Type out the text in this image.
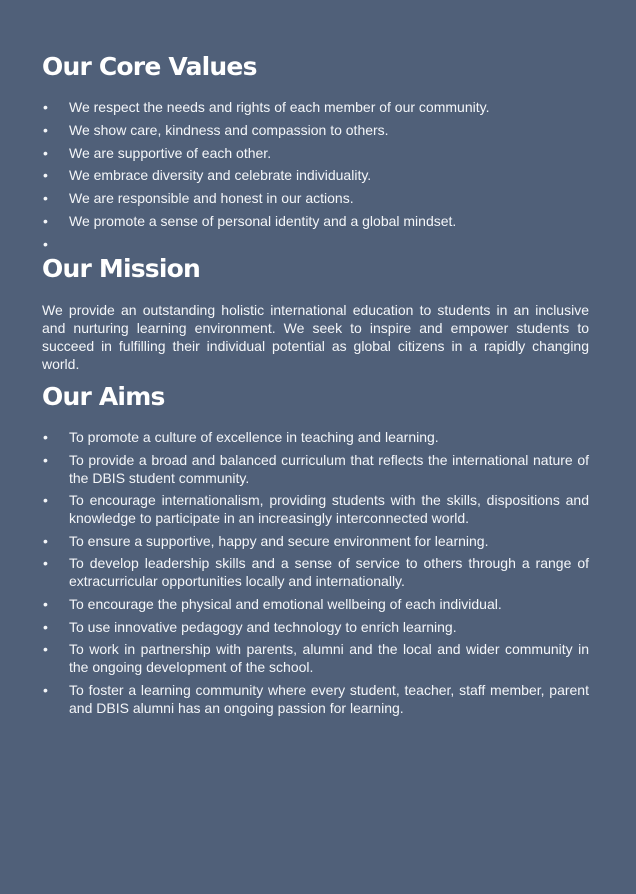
Our Core Values
• We respect the needs and rights of each member of our community.
• We show care, kindness and compassion to others.
• We are supportive of each other.
• We embrace diversity and celebrate individuality.
• We are responsible and honest in our actions.
• We promote a sense of personal identity and a global mindset.
•

Our Mission

We provide an outstanding holistic international education to students in an inclusive and nurturing learning environment. We seek to inspire and empower students to succeed in fulfilling their individual potential as global citizens in a rapidly changing world.

Our Aims
• To promote a culture of excellence in teaching and learning.
• To provide a broad and balanced curriculum that reflects the international nature of the DBIS student community.
• To encourage internationalism, providing students with the skills, dispositions and knowledge to participate in an increasingly interconnected world.
• To ensure a supportive, happy and secure environment for learning.
• To develop leadership skills and a sense of service to others through a range of extracurricular opportunities locally and internationally.
• To encourage the physical and emotional wellbeing of each individual.
• To use innovative pedagogy and technology to enrich learning.
• To work in partnership with parents, alumni and the local and wider community in the ongoing development of the school.
• To foster a learning community where every student, teacher, staff member, parent and DBIS alumni has an ongoing passion for learning.
